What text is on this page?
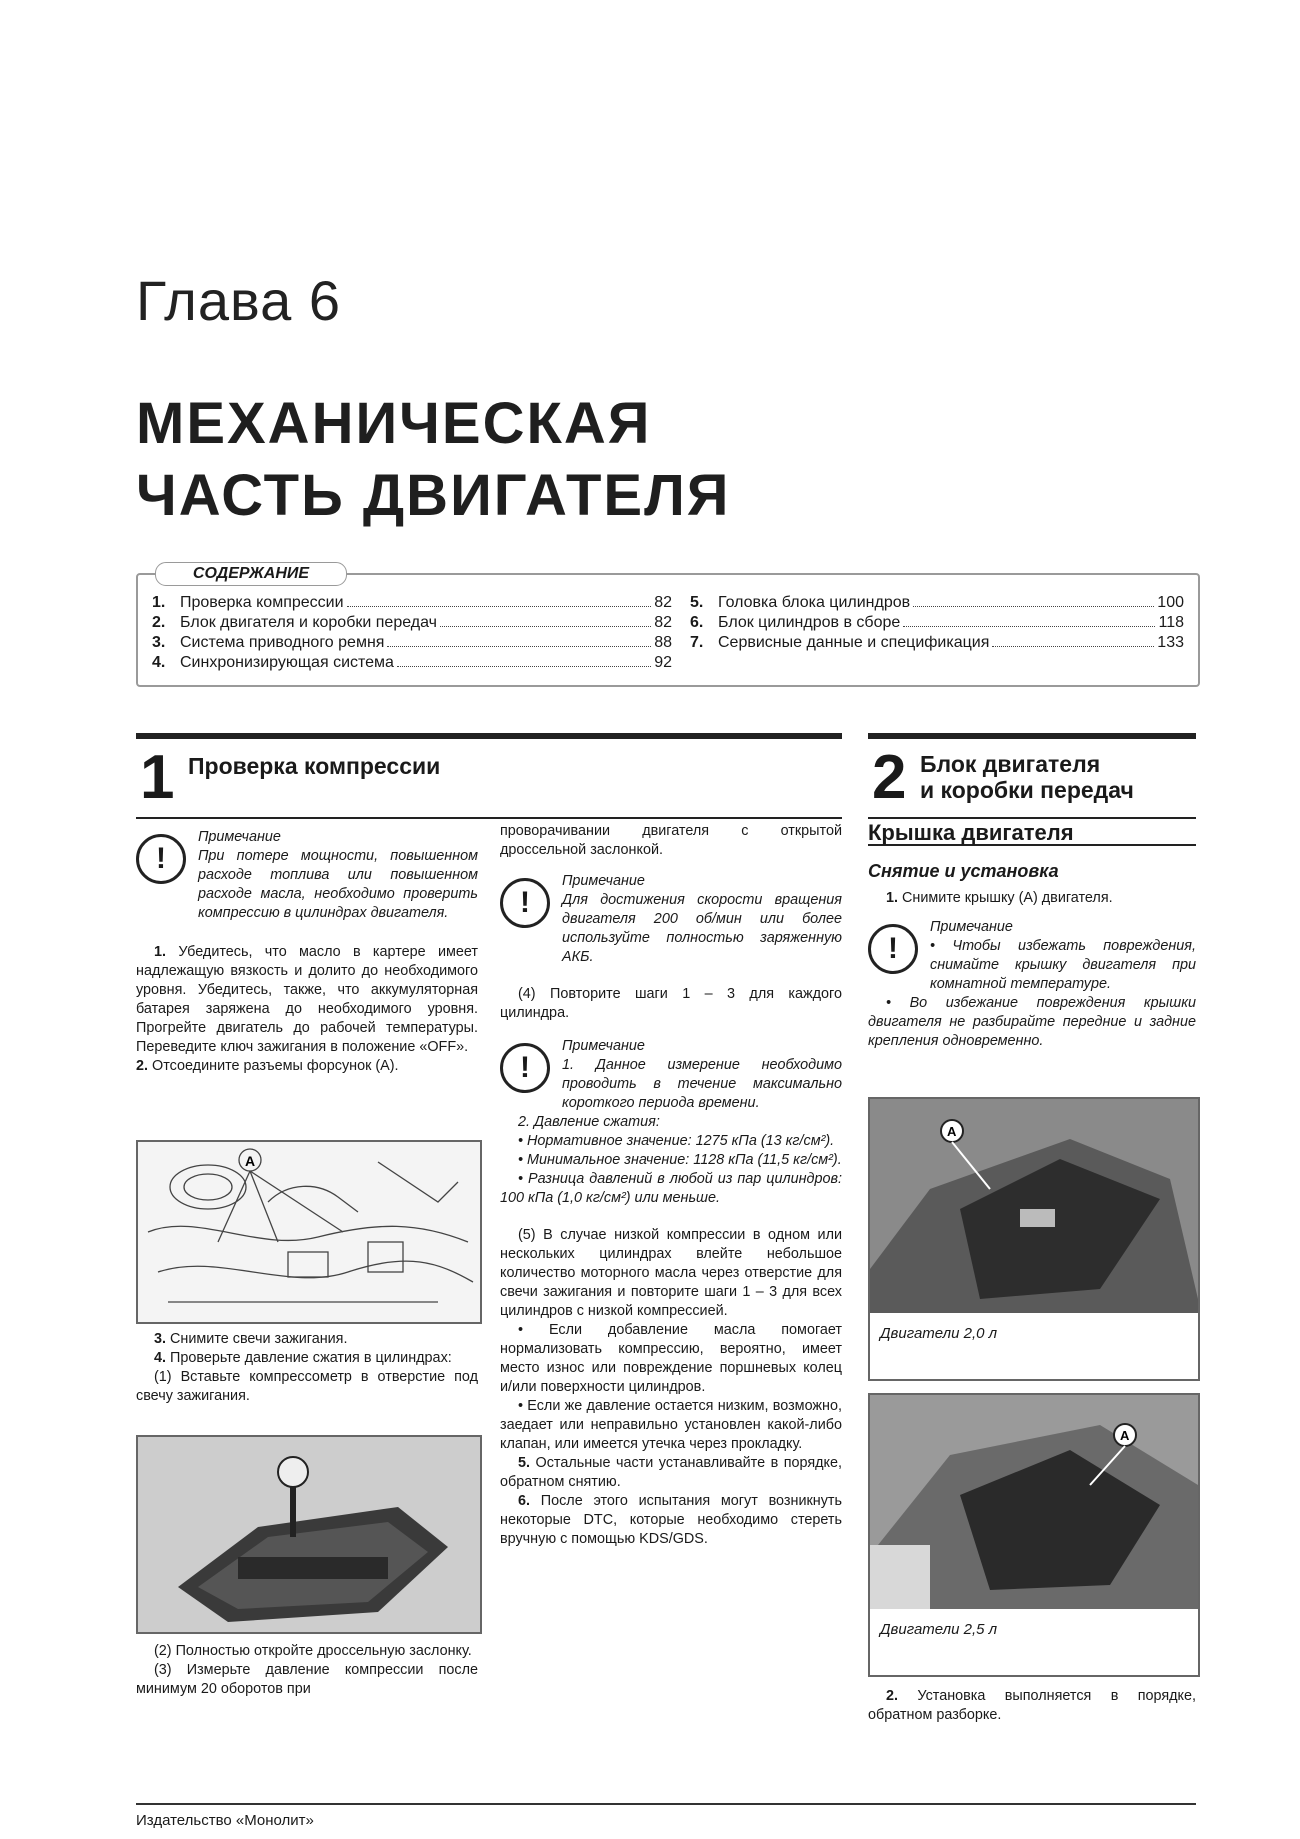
Глава 6
МЕХАНИЧЕСКАЯ
ЧАСТЬ ДВИГАТЕЛЯ
1. Проверка компрессии	82
2. Блок двигателя и коробки передач	82
3. Система приводного ремня	88
4. Синхронизирующая система	92
5. Головка блока цилиндров	100
6. Блок цилиндров в сборе	118
7. Сервисные данные и спецификация	133
СОДЕРЖАНИЕ
1 Проверка компрессии	2 Блок двигателя
и коробки передач
!
Примечание
При потере мощности, повышенном расходе топлива или повышенном расходе масла, необходимо проверить компрессию в цилиндрах двигателя.

1. Убедитесь, что масло в картере имеет надлежащую вязкость и долито до необходимого уровня. Убедитесь, также, что аккумуляторная батарея заряжена до необходимого уровня. Прогрейте двигатель до рабочей температуры. Переведите ключ зажигания в положение «OFF».

2. Отсоедините разъемы форсунок (A).

A

3. Снимите свечи зажигания.

4. Проверьте давление сжатия в цилиндрах:

(1) Вставьте компрессометр в отверстие под свечу зажигания.

(2) Полностью откройте дроссельную заслонку.

(3) Измерьте давление компрессии после минимум 20 оборотов при

проворачивании двигателя с открытой дроссельной заслонкой.

!
Примечание
Для достижения скорости вращения двигателя 200 об/мин или более используйте полностью заряженную АКБ.

(4) Повторите шаги 1 – 3 для каждого цилиндра.

!
Примечание
1. Данное измерение необходимо проводить в течение максимально короткого периода времени.

2. Давление сжатия:

• Нормативное значение: 1275 кПа (13 кг/см²).

• Минимальное значение: 1128 кПа (11,5 кг/см²).

• Разница давлений в любой из пар цилиндров: 100 кПа (1,0 кг/см²) или меньше.

(5) В случае низкой компрессии в одном или нескольких цилиндрах влейте небольшое количество моторного масла через отверстие для свечи зажигания и повторите шаги 1 – 3 для всех цилиндров с низкой компрессией.

• Если добавление масла помогает нормализовать компрессию, вероятно, имеет место износ или повреждение поршневых колец и/или поверхности цилиндров.

• Если же давление остается низким, возможно, заедает или неправильно установлен какой-либо клапан, или имеется утечка через прокладку.

5. Остальные части устанавливайте в порядке, обратном снятию.

6. После этого испытания могут возникнуть некоторые DTC, которые необходимо стереть вручную с помощью KDS/GDS.

Крышка двигателя
Снятие и установка

1. Снимите крышку (A) двигателя.

!
Примечание
• Чтобы избежать повреждения, снимайте крышку двигателя при комнатной температуре.

• Во избежание повреждения крышки двигателя не разбирайте передние и задние крепления одновременно.

A
Двигатели 2,0 л
A
Двигатели 2,5 л

2. Установка выполняется в порядке, обратном разборке.

Издательство «Монолит»
